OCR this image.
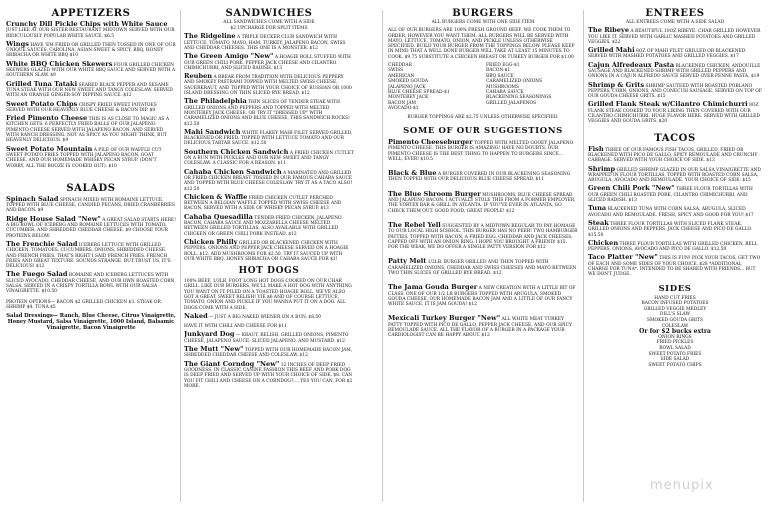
APPETIZERS
Crunchy Dill Pickle Chips with White Sauce JUST LIKE AT OUR SISTER RESTAURANT MIDTOWN SERVED WITH OUR RIDICULOUSLY POPULAR WHITE SAUCE. $6.5
Wings HAVE 'EM FRIED OR GRILLED THEN TOSSED IN ONE OF OUR UNIQUE SAUCES. CAROLINA, ASIAN SWEET & SPICY, BBQ, HONEY SRIRACHA OR WHITE BBQ $10
White BBQ Chicken Skewers FOUR GRILLED CHICKEN SKEWERS GLAZED WITH OUR WHITE BBQ SAUCE AND SERVED WITH A SOUTHERN SLAW. $9
Grilled Tuna Tataki SEARED BLACK PEPPER AND SESAME TUNA STEAK WITH OUR NEW SWEET AND TANGY COLESLAW. SERVED WITH AN ORANGE GINGER-SOY DIPPING SAUCE. $12
Sweet Potato Chips CRISPY FRIED SWEET POTATOES SERVED WITH OUR HEAVENLY BLUE CHEESE & BACON DIP. $9
Fried Pimento Cheese THIS IS AS CLOSE TO MAGIC AS A KITCHEN GETS. 6 PERFECTLY FRIED BALLS OF OUR JALAPENO PIMENTO CHEESE SERVED WITH JALAPENO BACON. AND SERVED WITH RANCH DRESSING. NOT AS SPICY AS YOU MIGHT THINK, BUT HEAVENLY DELICIOUS. $9
Sweet Potato Mountain A PILE OF OUR WAFFLE CUT SWEET POTATO FRIES TOPPED WITH JALAPENO BACON, GOAT CHEESE, AND OUR HOMEMADE WHISKY PECAN SYRUP. (DON'T WORRY, ALL THE BOOZE IS COOKED OUT). $10
SALADS
Spinach Salad SPINACH MIXED WITH ROMAINE LETTUCE. TOPPED WITH BLUE CHEESE, CANDIED PECANS, DRIED CRANBERRIES AND BACON. $9
Ridge House Salad "New" A GREAT SALAD STARTS HERE! A BIG BOWL OF ICEBERG AND ROMAINE LETTUCES WITH TOMATO, CUCUMBER, AND SHREDDED CHEDDAR CHEESE. $9 CHOOSE YOUR PROTEINS BELOW.
The Frenchie Salad ICEBERG LETTUCE WITH GRILLED CHICKEN, TOMATOES, CUCUMBERS, ONIONS, SHREDDED CHEESE AND FRENCH FRIES. THAT'S RIGHT I SAID FRENCH FRIES. FRENCH FRIES AND GREAT TEXTURE. SOUNDS STRANGE, BUT TRUST US, IT'S DELICIOUS! $12
The Fuego Salad ROMAINE AND ICEBERG LETTUCES WITH SLICED AVOCADO, CHEDDAR CHEESE, AND OUR OWN ROASTED CORN SALSA. SERVED IN A CRISPY TORTILLA BOWL WITH OUR SALSA VINAIGRETTE. $10.50
PROTEIN OPTIONS— BACON $2 GRILLED CHICKEN $3. STEAK OR SHRIMP $4. TUNA $5
Salad Dressings— Ranch, Blue Cheese, Citrus Vinaigrette, Honey Mustard, Salsa Vinaigrette, 1000 Island, Balsamic Vinaigrette, Bacon Vinaigrette
SANDWICHES
ALL SANDWICHES COME WITH A SIDE
$2 UPCHARGE FOR SPLIT ITEMS
The Ridgeline A TRIPLE DECKER CLUB SANDWICH WITH LETTUCE, TOMATO, MAYO, HAM, TURKEY, JALAPENO BACON, SWISS AND CHEDDAR CHEESES. THIS ONE IS A MONSTER. $12
The Green Amigo "New" A HOAGIE ROLL STUFFED WITH OUR GREEN CHILI PORK, PEPPER JACK CHEESE AND CILANTRO CHIMICHURRI, AND SLICED RADISH. $13
Reuben A BREAK FROM TRADITION WITH DELICIOUS PEPPERY AND SMOKEY PASTRAMI TOPPED WITH MELTED SWISS CHEESE, SAUERKRAUT, AND TOPPED WITH YOUR CHOICE OF RUSSIAN OR 1000 ISLAND DRESSING ON THIN SLICED RYE BREAD. $12
The Philadelphia THIN SLICES OF TENDER STEAK WITH GRILLED ONIONS AND PEPPERS AND TOPPED WITH MELTED MONTEREY JACK CHEESE. OR TRY IT "DRESSED UP" WITH CARAMELIZED ONIONS AND BLUE CHEESE. THIS SANDWICH ROCKS! $12.50
Mahi Sandwich WHITE FLAKEY MAHI FILET SERVED GRILLED, BLACKENED OR FRIED. TOPPED WITH LETTUCE TOMATO AND OUR DELICIOUS TARTAR SAUCE. $12.50
Southern Chicken Sandwich A FRIED CHICKEN CUTLET ON A BUN WITH PICKLES AND OUR NEW SWEET AND TANGY COLESLAW. A CLASSIC FOR A REASON. $11
Cahaba Chicken Sandwich A MARINATED AND GRILLED OR FRIED CHICKEN BREAST TOSSED IN OUR FAMOUS CAHABA SAUCE AND TOPPED WITH BLUE CHEESE COLESLAW. TRY IT AS A TACO ALSO! $12.50
Chicken & Waffle FRIED CHICKEN CUTLET PERCHED BETWEEN A BELGIAN WAFFLE TOPPED WITH SWISS CHEESE AND BACON, SERVED WITH A SIDE OF WHISKY PECAN SYRUP. $13
Cahaba Quesadilla TENDER FRIED CHICKEN, JALAPENO BACON, CAHABA SAUCE AND MOZZARELLA CHEESE MELTED BETWEEN GRILLED TORTILLAS. ALSO AVAILABLE WITH GRILLED CHICKEN OR GREEN CHILI PORK INSTEAD. $12
Chicken Philly GRILLED OR BLACKENED CHICKEN WITH PEPPERS, ONIONS AND PEPPER JACK CHEESE SERVED ON A HOAGIE ROLL. $12. ADD MUSHROOMS FOR $2.50. TRY IT SAUCED UP WITH OUR WHITE BBQ, HONEY SRIRACHA OR CAHABA SAUCE FOR $1!
HOT DOGS
100% BEEF, 1/3LB, FOOT LONG HOT DOGS COOKED ON OUR CHAR GRILL. LIKE OUR BURGERS, WE'LL MAKE A HOT DOG WITH ANYTHING YOU WANT ON IT. PILED ON A TOASTED HOAGIE ROLL. WE'VE ALSO GOT A GREAT, SWEET RELISH! VIE $6 AND OF COURSE LETTUCE, TOMATO, ONION AND PICKLE IF YOU WANNA PUT IT ON A DOG. ALL DOGS COME WITH A SIDE.
Naked — JUST A BIG NAKED WIENER ON A BUN. $8.50
HAVE IT WITH CHILI AND CHEESE FOR $11
Junkyard Dog — KRAUT, RELISH, GRILLED ONIONS, PIMENTO CHEESE, JALAPENO SAUCE, SLICED JALAPENO, AND MUSTARD. $12
The Mutt "New" TOPPED WITH OUR HOMEMADE BACON JAM, SHREDDED CHEDDAR CHEESE AND COLESLAW. $12
The Giant Corndog "New" 12 INCHES OF DEEP FRIED GOODNESS. IN CLASSIC CANINE FASHION THIS BEEF AND PORK DOG IS DEEP FRIED AND SERVED UP WITH YOUR CHOICE OF SIDE. $8. CAN YOU FIT CHILI AND CHEESE ON A CORNDOG?.... YES YOU CAN, FOR $2 MORE.
BURGERS
ALL BURGERS COME WITH ONE SIDE ITEM
ALL OF OUR BURGERS ARE 100% FRESH GROUND BEEF. WE COOK THEM TO ORDER, HOWEVER YOU WANT THEM. ALL BURGERS WILL BE SERVED WITH MAYO, LETTUCE, TOMATO, ONION, AND PICKLE UNLESS OTHERWISE SPECIFIED. BUILD YOUR BURGER FROM THE TOPPINGS BELOW. PLEASE KEEP IN MIND THAT A WELL DONE BURGER WILL TAKE AT LEAST 15 MINUTES TO COOK. $9.75 SUBSTITUTE A CHICKEN BREAST OR TURKEY BURGER FOR $1.00
CHEDDAR
SWISS
AMERICAN
SMOKED GOUDA
JALAPENO JACK
BLUE CHEESE SPREAD-$1
MONTEREY JACK
BACON JAM
AVOCADO-$1
FRIED EGG-$1
BACON-$1
BBQ SAUCE
CARAMELIZED ONIONS
MUSHROOMS
CAHABA SAUCE
BLACKENING SEASONINGS
GRILLED JALAPENOS
BURGER TOPPINGS ARE $2.75 UNLESS OTHERWISE SPECIFIED.
SOME OF OUR SUGGESTIONS
Pimento Cheeseburger TOPPED WITH MELTED GOOEY JALAPENO PIMENTO CHEESE. THIS BURGER IS AMAZING! HAVE NO DOUBTS, OUR PIMENTO CHEESE IS THE BEST THING TO HAPPEN TO BURGERS SINCE... WELL, EVER! $10.5
Black & Blue A BURGER COVERED IN OUR BLACKENING SEASONING THEN TOPPED WITH OUR DELICIOUS BLUE CHEESE SPREAD. $11
The Blue Shroom Burger MUSHROOMS, BLUE CHEESE SPREAD AND JALAPENO BACON. I ACTUALLY STOLE THIS FROM A FORMER EMPLOYER, THE VORTEX BAR & GRILL IN ATLANTA. IF YOU'VE EVER IN ATLANTA, GO CHECK THEM OUT. GOOD FOOD, GREAT PEOPLE! $12
The Rebel Yell SUGGESTED BY A MIDTOWN REGULAR TO PAY HOMAGE TO OUR LOCAL HIGH SCHOOL. THIS BURGER HAS NO PEER! TWO HAMBURGER PATTIES, TOPPED WITH BACON, A FRIED EGG, CHEDDAR AND JACK CHEESES, CAPPED OFF WITH AN ONION RING. I HOPE YOU BROUGHT A FRIEND! $15. FOR THE WEAK, WE DO OFFER A SINGLE PATTY VERSION FOR $12
Patty Melt 1/2LB. BURGER GRILLED AND THEN TOPPED WITH CARAMELIZED ONIONS, CHEDDAR AND SWISS CHEESES AND MAYO BETWEEN TWO THIN SLICES OF GRILLED RYE BREAD. $12
The Jama Gouda Burger A NEW CREATION WITH A LITTLE BIT OF CLASS. ONE OF OUR 1/2 LB BURGERS TOPPED WITH ARUGULA, SMOKED GOUDA CHEESE, OUR HOMEMADE BACON JAM AND A LITTLE OF OUR FANCY WHITE SAUCE. IT IS JAM GOUDA! $12
Mexicali Turkey Burger "New" ALL WHITE MEAT TURKEY PATTY TOPPED WITH PICO DE GALLO, PEPPER JACK CHEESE, AND OUR SPICY REMOULADE SAUCE. ALL THE FLAVOR OF A BURGER IN A PACKAGE YOUR CARDIOLOGIST CAN BE HAPPY ABOUT. $12
ENTREES
ALL ENTREES COME WITH A SIDE SALAD
The Ribeye A BEAUTIFUL 10OZ RIBEYE. CHAR GRILLED HOWEVER YOU LIKE IT. SERVED WITH GARLIC MASHED POTATOES AND GRILLED VEGGIES. $22
Grilled Mahi 8OZ OF MAHI FILET GRILLED OR BLACKENED SERVED WITH MASHED POTATOES AND GRILLED VEGGIES. $17
Cajun Alfredeaux Pasta BLACKENED CHICKEN, ANDOUILLE SAUSAGE AND BLACKENED SHRIMP WITH GRILLED PEPPERS AND ONIONS IN A CAJUN ALFREDO SAUCE SERVED OVER PENNE PASTA. $19
Shrimp & Grits SHRIMP SAUTEED WITH ROASTED POBLANO PEPPERS, CORN, ONIONS, AND CONECUH SAUSAGE, SERVED ON TOP OF OUR GOUDA CHEESE GRITS. $15
Grilled Flank Steak w/Cilantro Chimichurri 8OZ FLANK STEAK COOKED TO YOUR LIKING THEN COVERED WITH OUR CILANTRO CHIMICHURRI. HUGE FLAVOR HERE. SERVED WITH GRILLED VEGGIES AND GOUDA GRITS. $20
TACOS
Fish THREE OF OUR FAMOUS FISH TACOS, GRILLED, FRIED OR BLACKENED WITH PICO DE GALLO, SPICY REMOULADE AND CRUNCHY CABBAGE. SERVED WITH YOUR CHOICE OF SIDE. $13
Shrimp GRILLED SHRIMP GLAZED IN OUR SALSA VINAIGRETTE AND WRAPPED IN FLOUR TORTILLAS, TOPPED WITH ROASTED CORN SALSA, ARUGULA, AVOCADO AND REMOULADE. YOUR CHOICE OF SIDE. $15
Green Chili Pork "New" THREE FLOUR TORTILLAS WITH OUR GREEN CHILI ROASTED PORK, CILANTRO CHIMICHURRI, AND SLICED RADISH. $13
Tuna BLACKENED TUNA WITH CORN SALSA, ARUGULA, SLICED AVOCADO AND REMOULADE. FRESH, SPICY AND GOOD FOR YOU! $17
Steak THREE FLOUR TORTILLAS WITH SLICED FLANK STEAK, GRILLED ONIONS AND PEPPERS, JACK CHEESE AND PICO DE GALLO. $15.50
Chicken THREE FLOUR TORTILLAS WITH GRILLED CHICKEN, BELL PEPPERS, ONIONS, AVOCADO AND PICO DE GALLO. $12.50
Taco Platter "New" THIS IS FUN! PICK YOUR TACOS, GET TWO OF EACH AND SOME SIDES OF YOUR CHOICE. $28 *ADDITIONAL CHARGE FOR TUNA*. INTENDED TO BE SHARED WITH FRIENDS... BUT WE DON'T JUDGE.
SIDES
HAND CUT FRIES
BACON INFUSED POTATOES
GRILLED VEGGIE MEDLEY
DILL'S SLAW
SMOKED GOUDA GRITS
COLESLAW
Or for $2 bucks extra
ONION RINGS
FRIED PICKLES
BOWL SALAD
SWEET POTATO FRIES
SIDE SALAD
SWEET POTATO CHIPS
menupix
